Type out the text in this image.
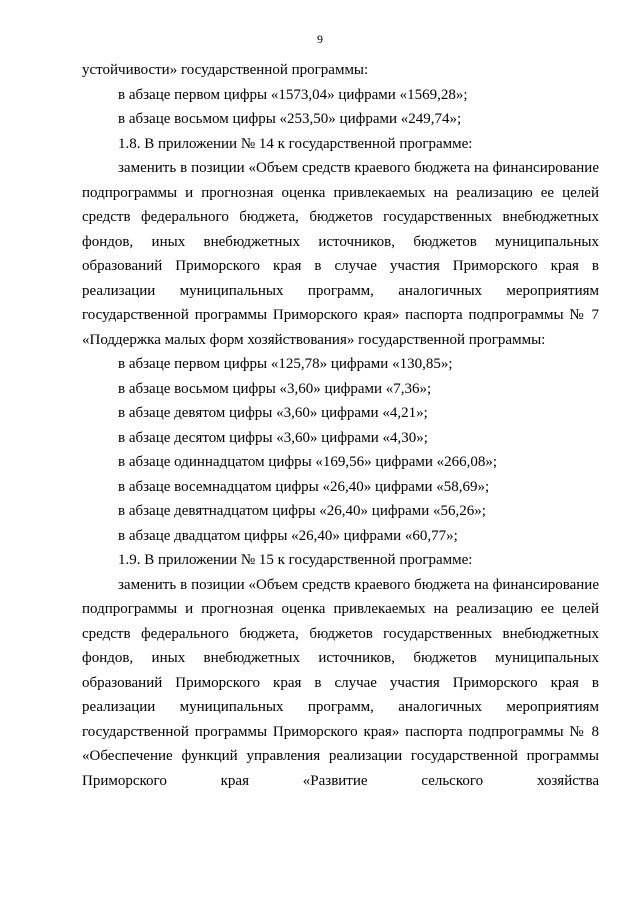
9

устойчивости» государственной программы:

в абзаце первом цифры «1573,04» цифрами «1569,28»;

в абзаце восьмом цифры «253,50» цифрами «249,74»;

1.8. В приложении № 14 к государственной программе:

заменить в позиции «Объем средств краевого бюджета на финансирование подпрограммы и прогнозная оценка привлекаемых на реализацию ее целей средств федерального бюджета, бюджетов государственных внебюджетных фондов, иных внебюджетных источников, бюджетов муниципальных образований Приморского края в случае участия Приморского края в реализации муниципальных программ, аналогичных мероприятиям государственной программы Приморского края» паспорта подпрограммы № 7 «Поддержка малых форм хозяйствования» государственной программы:

в абзаце первом цифры «125,78» цифрами «130,85»;

в абзаце восьмом цифры «3,60» цифрами «7,36»;

в абзаце девятом цифры «3,60» цифрами «4,21»;

в абзаце десятом цифры «3,60» цифрами «4,30»;

в абзаце одиннадцатом цифры «169,56» цифрами «266,08»;

в абзаце восемнадцатом цифры «26,40» цифрами «58,69»;

в абзаце девятнадцатом цифры «26,40» цифрами «56,26»;

в абзаце двадцатом цифры «26,40» цифрами «60,77»;

1.9. В приложении № 15 к государственной программе:

заменить в позиции «Объем средств краевого бюджета на финансирование подпрограммы и прогнозная оценка привлекаемых на реализацию ее целей средств федерального бюджета, бюджетов государственных внебюджетных фондов, иных внебюджетных источников, бюджетов муниципальных образований Приморского края в случае участия Приморского края в реализации муниципальных программ, аналогичных мероприятиям государственной программы Приморского края» паспорта подпрограммы № 8 «Обеспечение функций управления реализации государственной программы Приморского края «Развитие сельского хозяйства
